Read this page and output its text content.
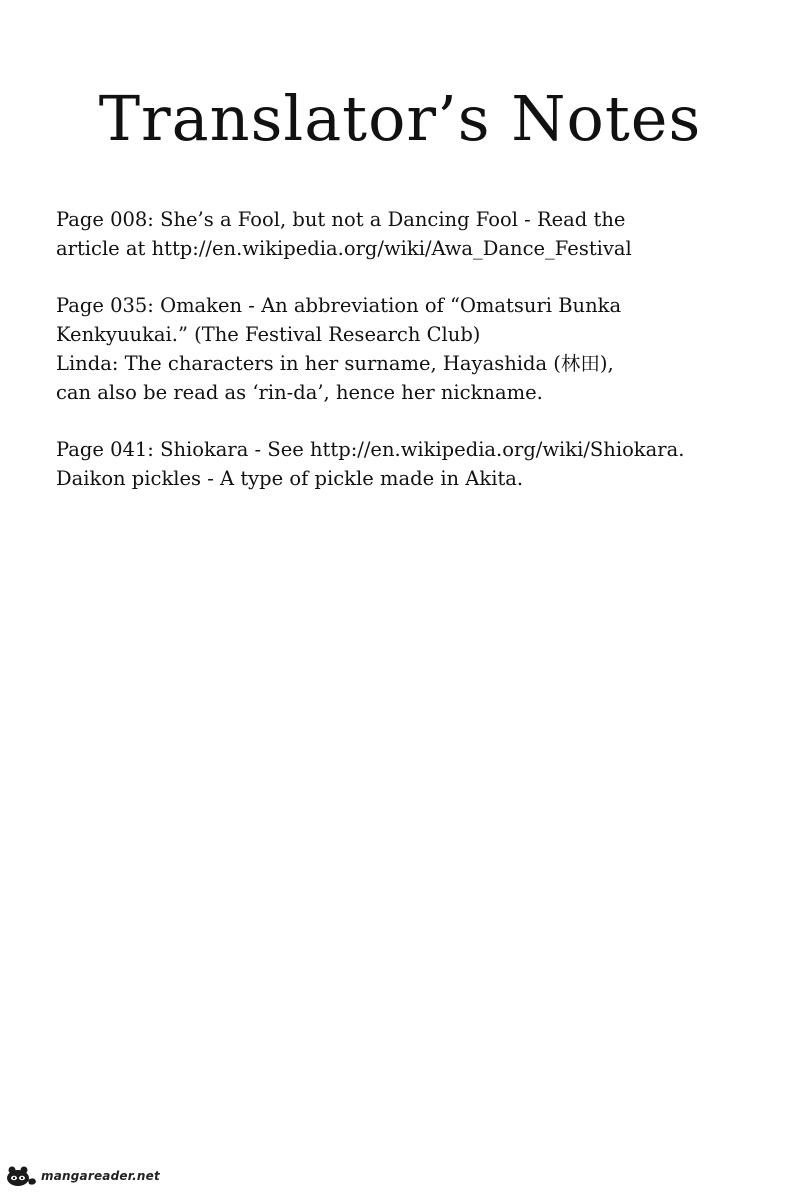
Translator’s Notes
Page 008: She’s a Fool, but not a Dancing Fool - Read the
article at http://en.wikipedia.org/wiki/Awa_Dance_Festival
Page 035: Omaken - An abbreviation of “Omatsuri Bunka
Kenkyuukai.” (The Festival Research Club)
Linda: The characters in her surname, Hayashida (林田),
can also be read as ‘rin-da’, hence her nickname.
Page 041: Shiokara - See http://en.wikipedia.org/wiki/Shiokara.
Daikon pickles - A type of pickle made in Akita.
mangareader.net
